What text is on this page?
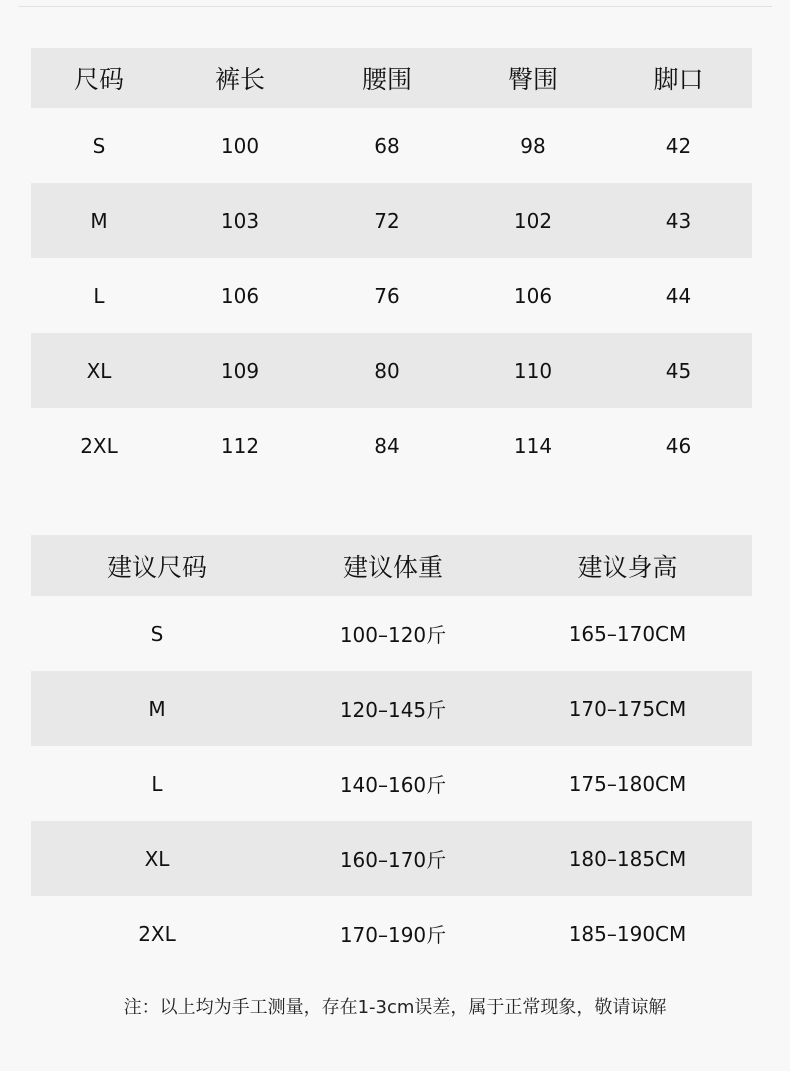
尺码	裤长	腰围	臀围	脚口
S	100	68	98	42
M	103	72	102	43
L	106	76	106	44
XL	109	80	110	45
2XL	112	84	114	46
建议尺码	建议体重	建议身高
S	100–120斤	165–170CM
M	120–145斤	170–175CM
L	140–160斤	175–180CM
XL	160–170斤	180–185CM
2XL	170–190斤	185–190CM
注：以上均为手工测量，存在1-3cm误差，属于正常现象，敬请谅解
